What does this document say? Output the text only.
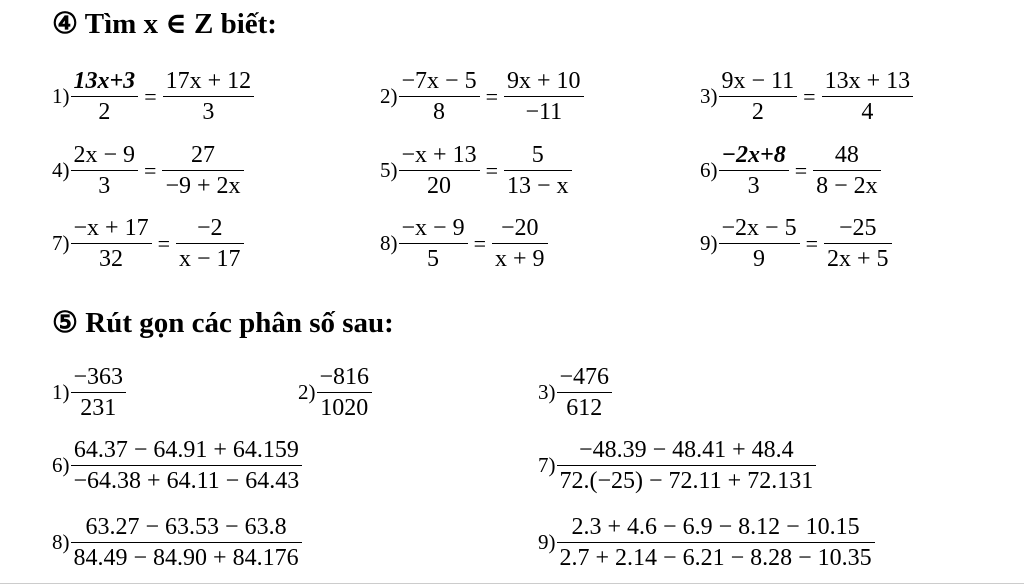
④ Tìm x ∈ Z biết:
$1) \frac{13x+3}{2} = \frac{17x + 12}{3}$	$2) \frac{-7x - 5}{8} = \frac{9x + 10}{-11}$	$3) \frac{9x - 11}{2} = \frac{13x + 13}{4}$
$4) \frac{2x - 9}{3} = \frac{27}{-9 + 2x}$	$5) \frac{-x + 13}{20} = \frac{5}{13 - x}$	$6) \frac{-2x+8}{3} = \frac{48}{8 - 2x}$
$7) \frac{-x + 17}{32} = \frac{-2}{x - 17}$	$8) \frac{-x - 9}{5} = \frac{-20}{x + 9}$	$9) \frac{-2x - 5}{9} = \frac{-25}{2x + 5}$
⑤ Rút gọn các phân số sau:
$1) \frac{-363}{231}$	$2) \frac{-816}{1020}$	$3) \frac{-476}{612}$
$6) \frac{64.37 - 64.91 + 64.159}{-64.38 + 64.11 - 64.43}$	$7) \frac{-48.39 - 48.41 + 48.4}{72.(-25) - 72.11 + 72.131}$
$8) \frac{63.27 - 63.53 - 63.8}{84.49 - 84.90 + 84.176}$	$9) \frac{2.3 + 4.6 - 6.9 - 8.12 - 10.15}{2.7 + 2.14 - 6.21 - 8.28 - 10.35}$
